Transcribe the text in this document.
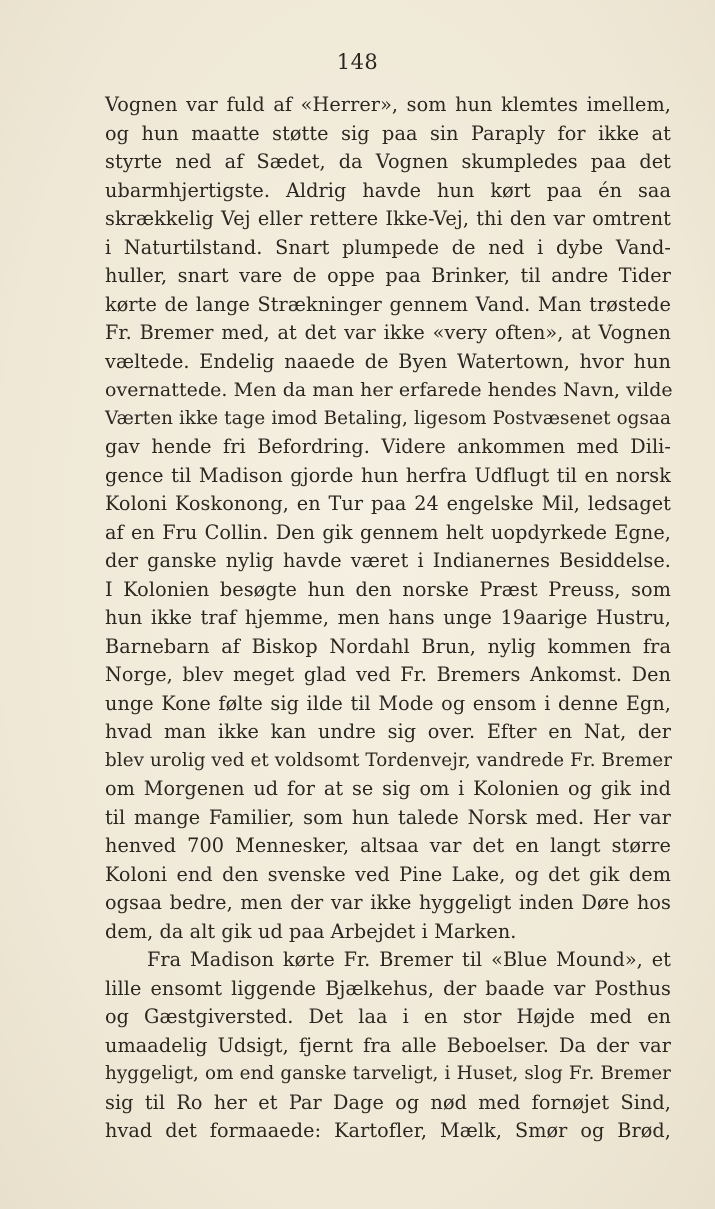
148
Vognen var fuld af «Herrer», som hun klemtes imellem,
og hun maatte støtte sig paa sin Paraply for ikke at
styrte ned af Sædet, da Vognen skumpledes paa det
ubarmhjertigste. Aldrig havde hun kørt paa én saa
skrækkelig Vej eller rettere Ikke-Vej, thi den var omtrent
i Naturtilstand. Snart plumpede de ned i dybe Vand-
huller, snart vare de oppe paa Brinker, til andre Tider
kørte de lange Strækninger gennem Vand. Man trøstede
Fr. Bremer med, at det var ikke «very often», at Vognen
væltede. Endelig naaede de Byen Watertown, hvor hun
overnattede. Men da man her erfarede hendes Navn, vilde
Værten ikke tage imod Betaling, ligesom Postvæsenet ogsaa
gav hende fri Befordring. Videre ankommen med Dili-
gence til Madison gjorde hun herfra Udflugt til en norsk
Koloni Koskonong, en Tur paa 24 engelske Mil, ledsaget
af en Fru Collin. Den gik gennem helt uopdyrkede Egne,
der ganske nylig havde været i Indianernes Besiddelse.
I Kolonien besøgte hun den norske Præst Preuss, som
hun ikke traf hjemme, men hans unge 19aarige Hustru,
Barnebarn af Biskop Nordahl Brun, nylig kommen fra
Norge, blev meget glad ved Fr. Bremers Ankomst. Den
unge Kone følte sig ilde til Mode og ensom i denne Egn,
hvad man ikke kan undre sig over. Efter en Nat, der
blev urolig ved et voldsomt Tordenvejr, vandrede Fr. Bremer
om Morgenen ud for at se sig om i Kolonien og gik ind
til mange Familier, som hun talede Norsk med. Her var
henved 700 Mennesker, altsaa var det en langt større
Koloni end den svenske ved Pine Lake, og det gik dem
ogsaa bedre, men der var ikke hyggeligt inden Døre hos
dem, da alt gik ud paa Arbejdet i Marken.
Fra Madison kørte Fr. Bremer til «Blue Mound», et
lille ensomt liggende Bjælkehus, der baade var Posthus
og Gæstgiversted. Det laa i en stor Højde med en
umaadelig Udsigt, fjernt fra alle Beboelser. Da der var
hyggeligt, om end ganske tarveligt, i Huset, slog Fr. Bremer
sig til Ro her et Par Dage og nød med fornøjet Sind,
hvad det formaaede: Kartofler, Mælk, Smør og Brød,
